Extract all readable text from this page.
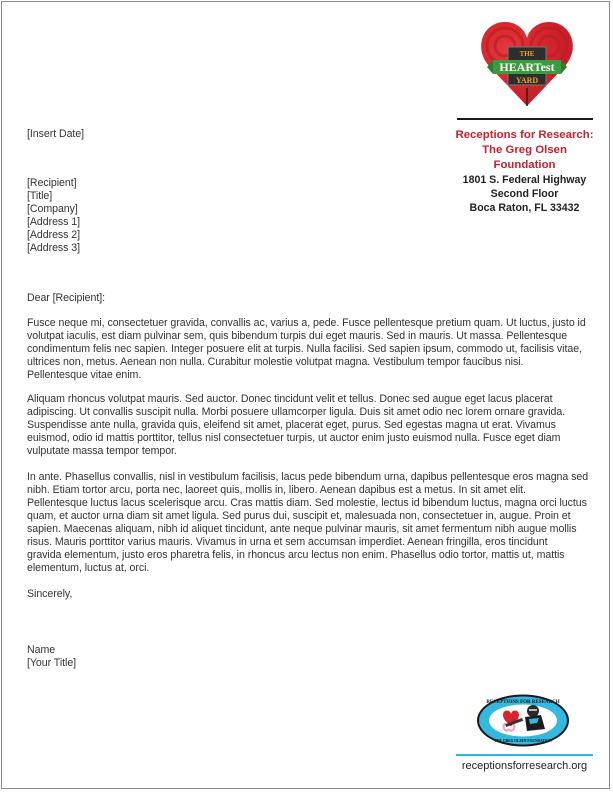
THE
HEARTest
YARD
Receptions for Research:
The Greg Olsen
Foundation
1801 S. Federal Highway
Second Floor
Boca Raton, FL 33432
[Insert Date]
[Recipient]
[Title]
[Company]
[Address 1]
[Address 2]
[Address 3]
Dear [Recipient]:
Fusce neque mi, consectetuer gravida, convallis ac, varius a, pede. Fusce pellentesque pretium quam. Ut luctus, justo id
volutpat iaculis, est diam pulvinar sem, quis bibendum turpis dui eget mauris. Sed in mauris. Ut massa. Pellentesque
condimentum felis nec sapien. Integer posuere elit at turpis. Nulla facilisi. Sed sapien ipsum, commodo ut, facilisis vitae,
ultrices non, metus. Aenean non nulla. Curabitur molestie volutpat magna. Vestibulum tempor faucibus nisi.
Pellentesque vitae enim.
Aliquam rhoncus volutpat mauris. Sed auctor. Donec tincidunt velit et tellus. Donec sed augue eget lacus placerat
adipiscing. Ut convallis suscipit nulla. Morbi posuere ullamcorper ligula. Duis sit amet odio nec lorem ornare gravida.
Suspendisse ante nulla, gravida quis, eleifend sit amet, placerat eget, purus. Sed egestas magna ut erat. Vivamus
euismod, odio id mattis porttitor, tellus nisl consectetuer turpis, ut auctor enim justo euismod nulla. Fusce eget diam
vulputate massa tempor tempor.
In ante. Phasellus convallis, nisl in vestibulum facilisis, lacus pede bibendum urna, dapibus pellentesque eros magna sed
nibh. Etiam tortor arcu, porta nec, laoreet quis, mollis in, libero. Aenean dapibus est a metus. In sit amet elit.
Pellentesque luctus lacus scelerisque arcu. Cras mattis diam. Sed molestie, lectus id bibendum luctus, magna orci luctus
quam, et auctor urna diam sit amet ligula. Sed purus dui, suscipit et, malesuada non, consectetuer in, augue. Proin et
sapien. Maecenas aliquam, nibh id aliquet tincidunt, ante neque pulvinar mauris, sit amet fermentum nibh augue mollis
risus. Mauris porttitor varius mauris. Vivamus in urna et sem accumsan imperdiet. Aenean fringilla, eros tincidunt
gravida elementum, justo eros pharetra felis, in rhoncus arcu lectus non enim. Phasellus odio tortor, mattis ut, mattis
elementum, luctus at, orci.
Sincerely,
Name
[Your Title]
RECEPTIONS FOR RESEARCH
THE GREG OLSEN FOUNDATION
receptionsforresearch.org
